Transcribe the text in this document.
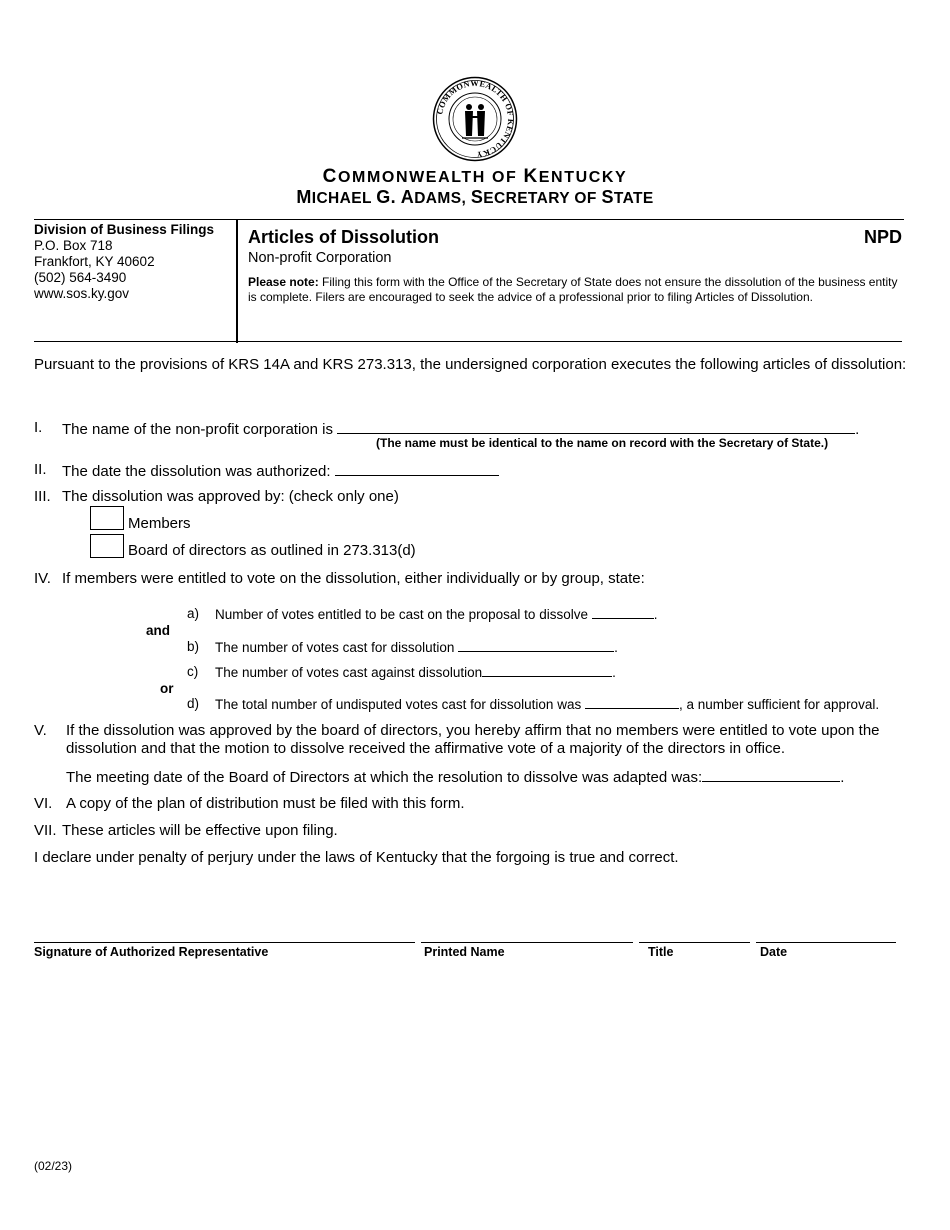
COMMONWEALTH OF KENTUCKY
COMMONWEALTH OF KENTUCKY
MICHAEL G. ADAMS, SECRETARY OF STATE
Division of Business Filings
P.O. Box 718
Frankfort, KY 40602
(502) 564-3490
www.sos.ky.gov
Articles of Dissolution	NPD
Non-profit Corporation
Please note: Filing this form with the Office of the Secretary of State does not ensure the dissolution of the business entity is complete. Filers are encouraged to seek the advice of a professional prior to filing Articles of Dissolution.
Pursuant to the provisions of KRS 14A and KRS 273.313, the undersigned corporation executes the following articles of dissolution:
I. The name of the non-profit corporation is	.
(The name must be identical to the name on record with the Secretary of State.)
II. The date the dissolution was authorized:
III. The dissolution was approved by: (check only one)
Members
Board of directors as outlined in 273.313(d)
IV. If members were entitled to vote on the dissolution, either individually or by group, state:
a) Number of votes entitled to be cast on the proposal to dissolve	.
and
b) The number of votes cast for dissolution	.
c) The number of votes cast against dissolution	.
or
d) The total number of undisputed votes cast for dissolution was	, a number sufficient for approval.
V. If the dissolution was approved by the board of directors, you hereby affirm that no members were entitled to vote upon the dissolution and that the motion to dissolve received the affirmative vote of a majority of the directors in office.
The meeting date of the Board of Directors at which the resolution to dissolve was adapted was:	.
VI. A copy of the plan of distribution must be filed with this form.
VII. These articles will be effective upon filing.
I declare under penalty of perjury under the laws of Kentucky that the forgoing is true and correct.
Signature of Authorized Representative	Printed Name	Title	Date
(02/23)
